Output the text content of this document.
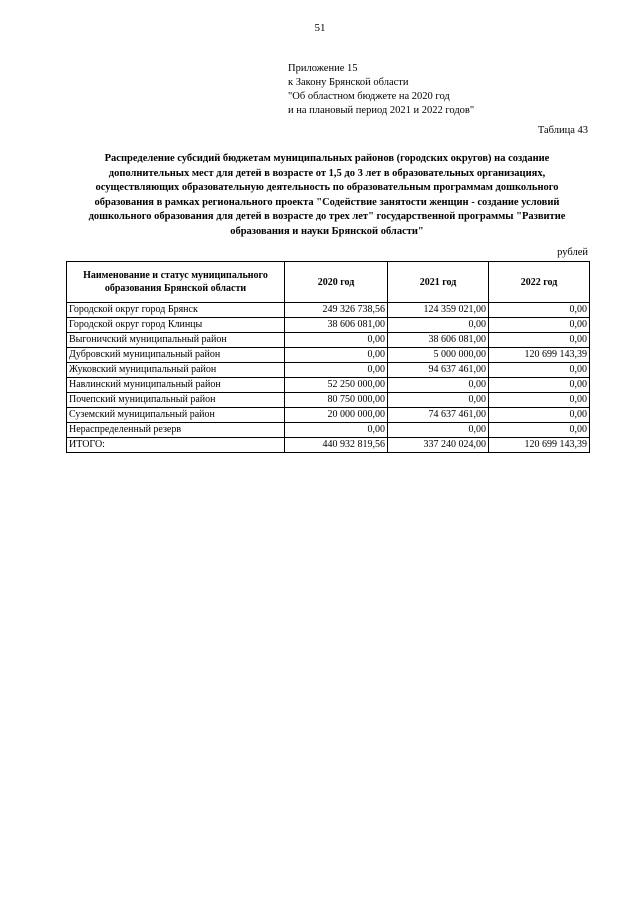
51
Приложение 15
к Закону Брянской области
"Об областном бюджете на 2020 год
и на плановый период 2021 и 2022 годов"
Таблица 43
Распределение субсидий бюджетам муниципальных районов (городских округов) на создание дополнительных мест для детей в возрасте от 1,5 до 3 лет в образовательных организациях, осуществляющих образовательную деятельность по образовательным программам дошкольного образования в рамках регионального проекта "Содействие занятости женщин - создание условий дошкольного образования для детей в возрасте до трех лет" государственной программы "Развитие образования и науки Брянской области"
рублей
Наименование и статус муниципального образования Брянской области	2020 год	2021 год	2022 год
Городской округ город Брянск	249 326 738,56	124 359 021,00	0,00
Городской округ город Клинцы	38 606 081,00	0,00	0,00
Выгоничский муниципальный район	0,00	38 606 081,00	0,00
Дубровский муниципальный район	0,00	5 000 000,00	120 699 143,39
Жуковский муниципальный район	0,00	94 637 461,00	0,00
Навлинский муниципальный район	52 250 000,00	0,00	0,00
Почепский муниципальный район	80 750 000,00	0,00	0,00
Суземский муниципальный район	20 000 000,00	74 637 461,00	0,00
Нераспределенный резерв	0,00	0,00	0,00
ИТОГО:	440 932 819,56	337 240 024,00	120 699 143,39
